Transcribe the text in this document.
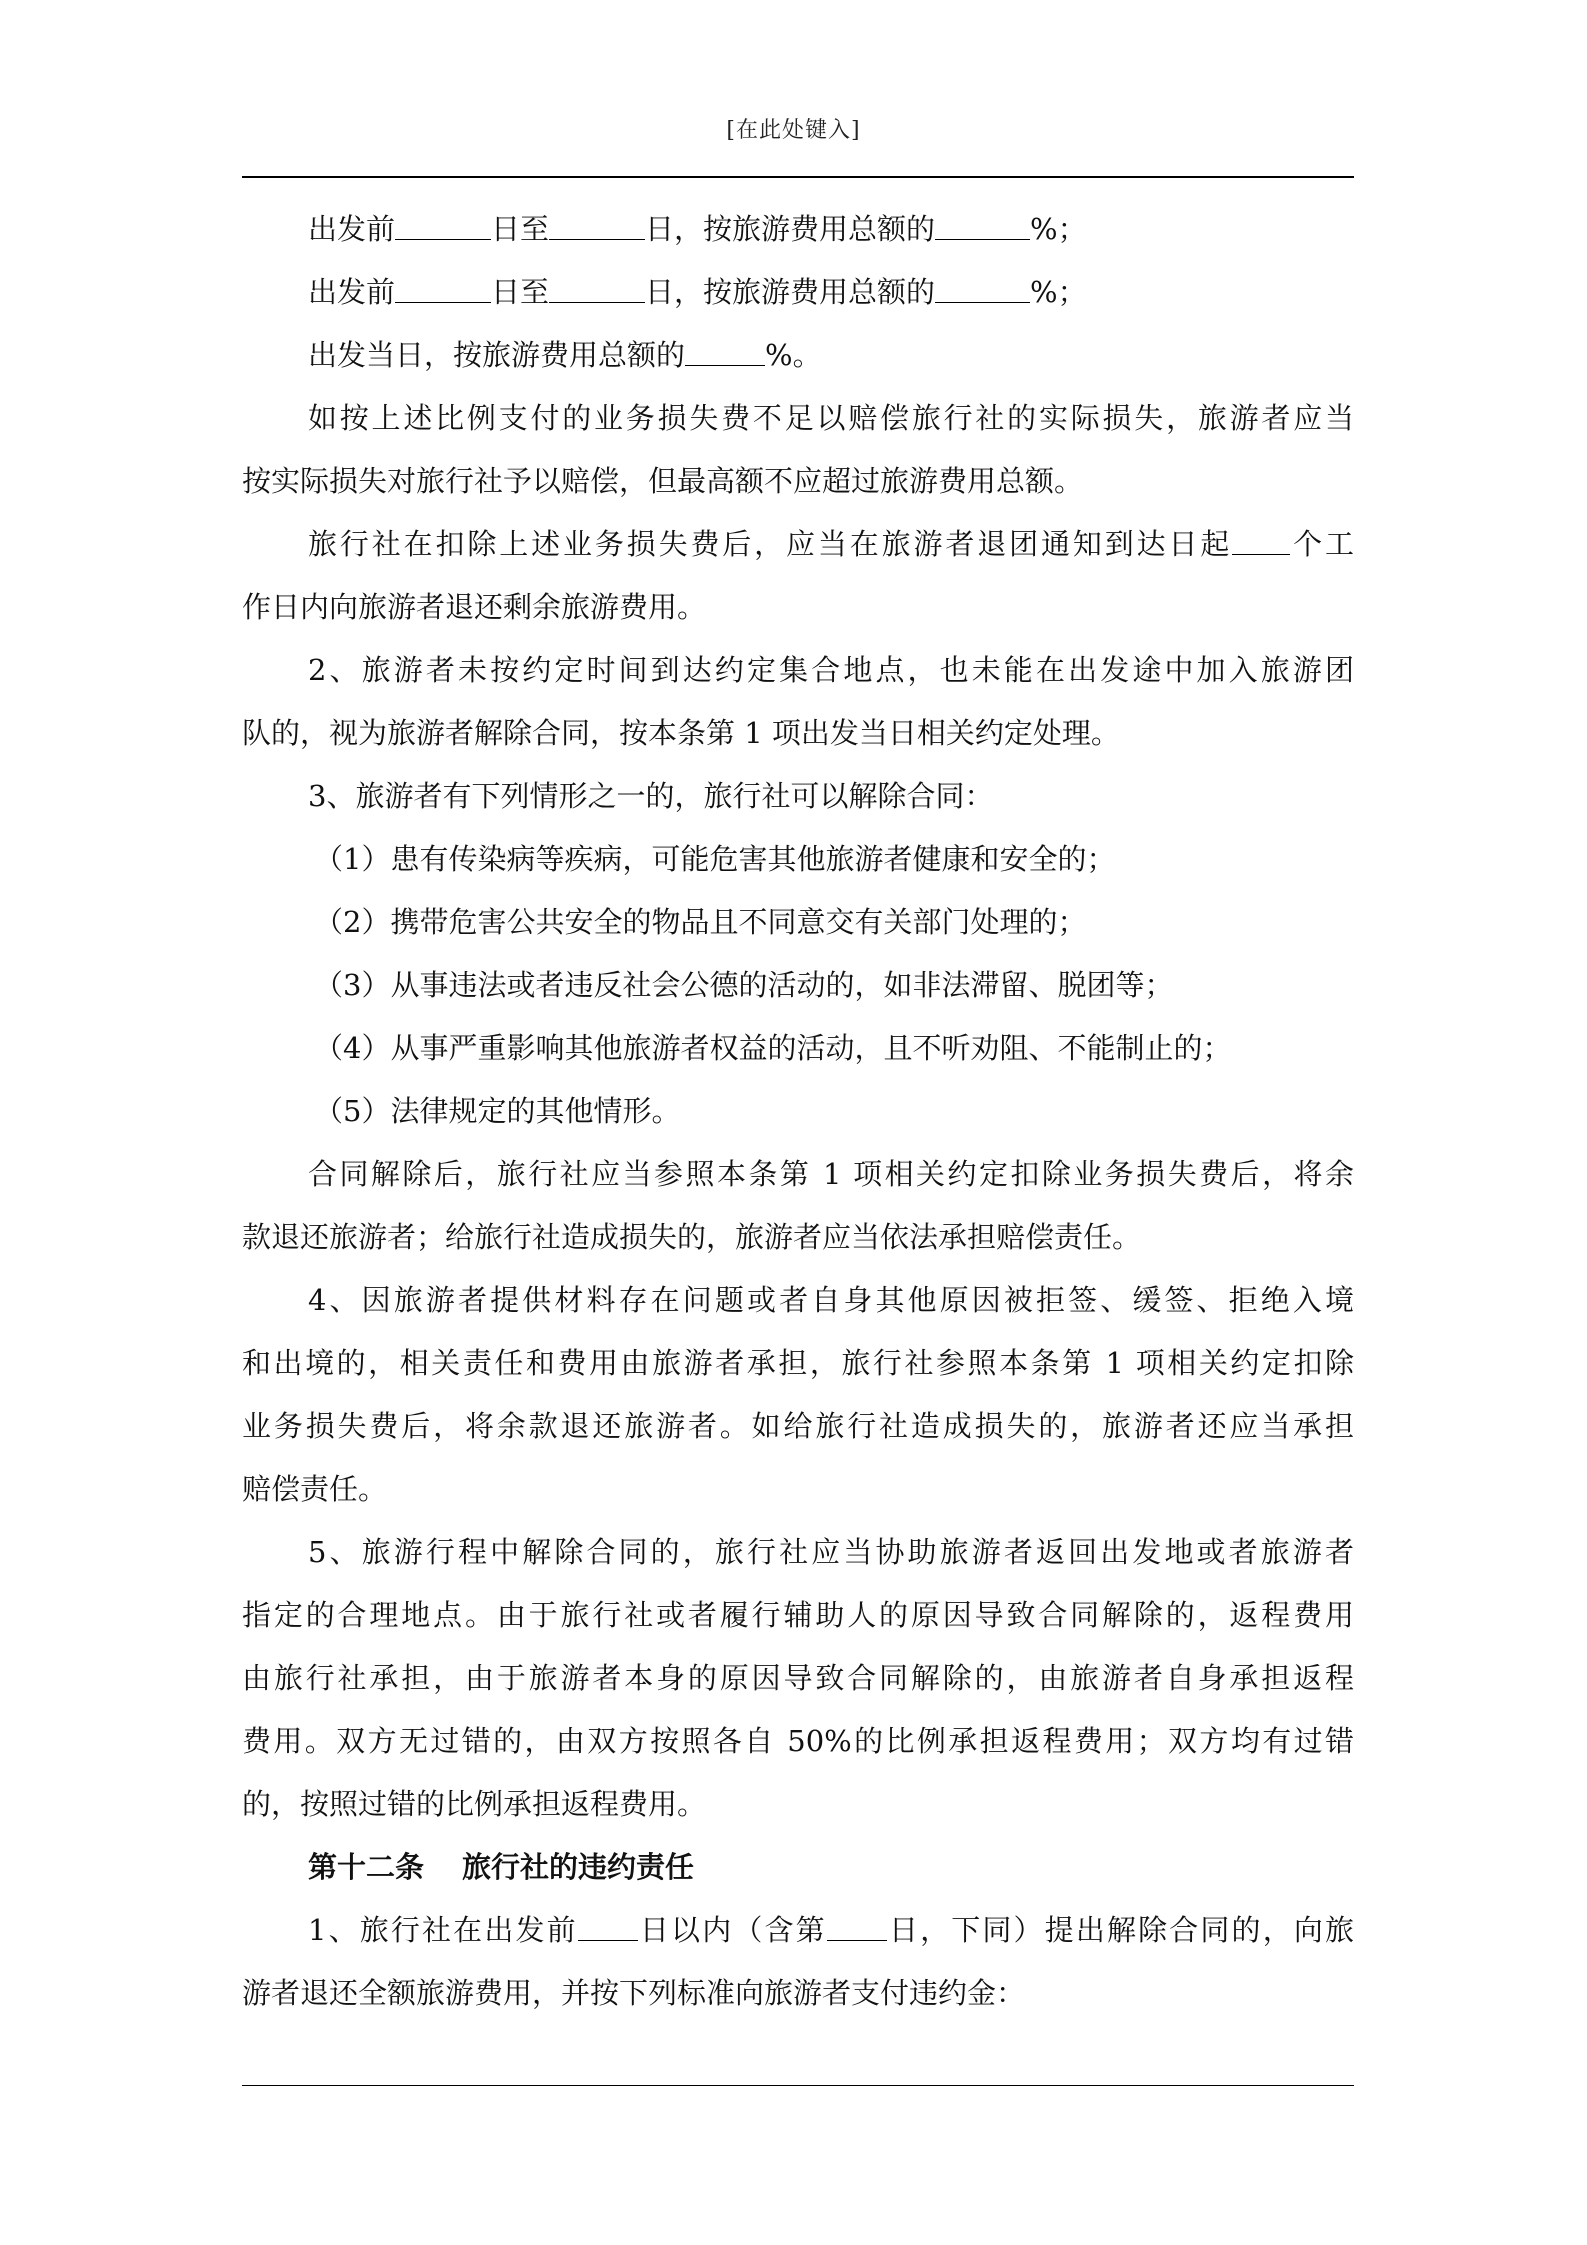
[在此处键入]
出发前	日至	日，按旅游费用总额的	%；
出发前	日至	日，按旅游费用总额的	%；
出发当日，按旅游费用总额的	%。
如按上述比例支付的业务损失费不足以赔偿旅行社的实际损失，旅游者应当
按实际损失对旅行社予以赔偿，但最高额不应超过旅游费用总额。
旅行社在扣除上述业务损失费后，应当在旅游者退团通知到达日起 个工
作日内向旅游者退还剩余旅游费用。
2、旅游者未按约定时间到达约定集合地点，也未能在出发途中加入旅游团
队的，视为旅游者解除合同，按本条第 1 项出发当日相关约定处理。
3、旅游者有下列情形之一的，旅行社可以解除合同：
（1）患有传染病等疾病，可能危害其他旅游者健康和安全的；
（2）携带危害公共安全的物品且不同意交有关部门处理的；
（3）从事违法或者违反社会公德的活动的，如非法滞留、脱团等；
（4）从事严重影响其他旅游者权益的活动，且不听劝阻、不能制止的；
（5）法律规定的其他情形。
合同解除后，旅行社应当参照本条第 1 项相关约定扣除业务损失费后，将余
款退还旅游者；给旅行社造成损失的，旅游者应当依法承担赔偿责任。
4、因旅游者提供材料存在问题或者自身其他原因被拒签、缓签、拒绝入境
和出境的，相关责任和费用由旅游者承担，旅行社参照本条第 1 项相关约定扣除
业务损失费后，将余款退还旅游者。如给旅行社造成损失的，旅游者还应当承担
赔偿责任。
5、旅游行程中解除合同的，旅行社应当协助旅游者返回出发地或者旅游者
指定的合理地点。由于旅行社或者履行辅助人的原因导致合同解除的，返程费用
由旅行社承担，由于旅游者本身的原因导致合同解除的，由旅游者自身承担返程
费用。双方无过错的，由双方按照各自 50%的比例承担返程费用；双方均有过错
的，按照过错的比例承担返程费用。
第十二条 旅行社的违约责任
1、旅行社在出发前 日以内（含第 日，下同）提出解除合同的，向旅
游者退还全额旅游费用，并按下列标准向旅游者支付违约金：
